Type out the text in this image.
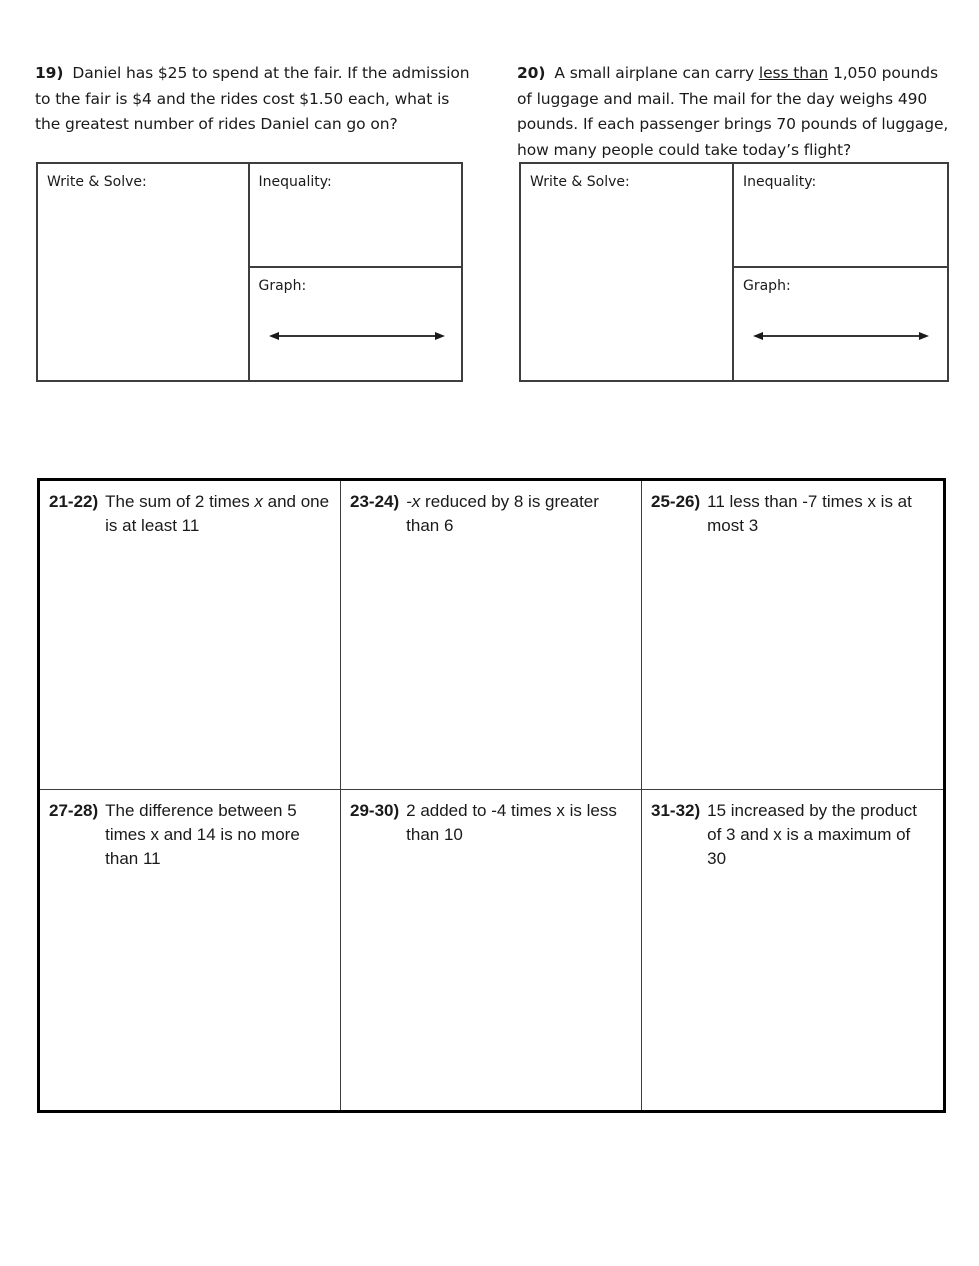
19) Daniel has $25 to spend at the fair. If the admission to the fair is $4 and the rides cost $1.50 each, what is the greatest number of rides Daniel can go on?
20) A small airplane can carry less than 1,050 pounds of luggage and mail. The mail for the day weighs 490 pounds. If each passenger brings 70 pounds of luggage, how many people could take today’s flight?
Write & Solve:	Inequality:
Graph:
Write & Solve:	Inequality:
Graph:
21-22) The sum of 2 times x and one is at least 11
23-24) -x reduced by 8 is greater than 6
25-26) 11 less than -7 times x is at most 3
27-28) The difference between 5 times x and 14 is no more than 11
29-30) 2 added to -4 times x is less than 10
31-32) 15 increased by the product of 3 and x is a maximum of 30
